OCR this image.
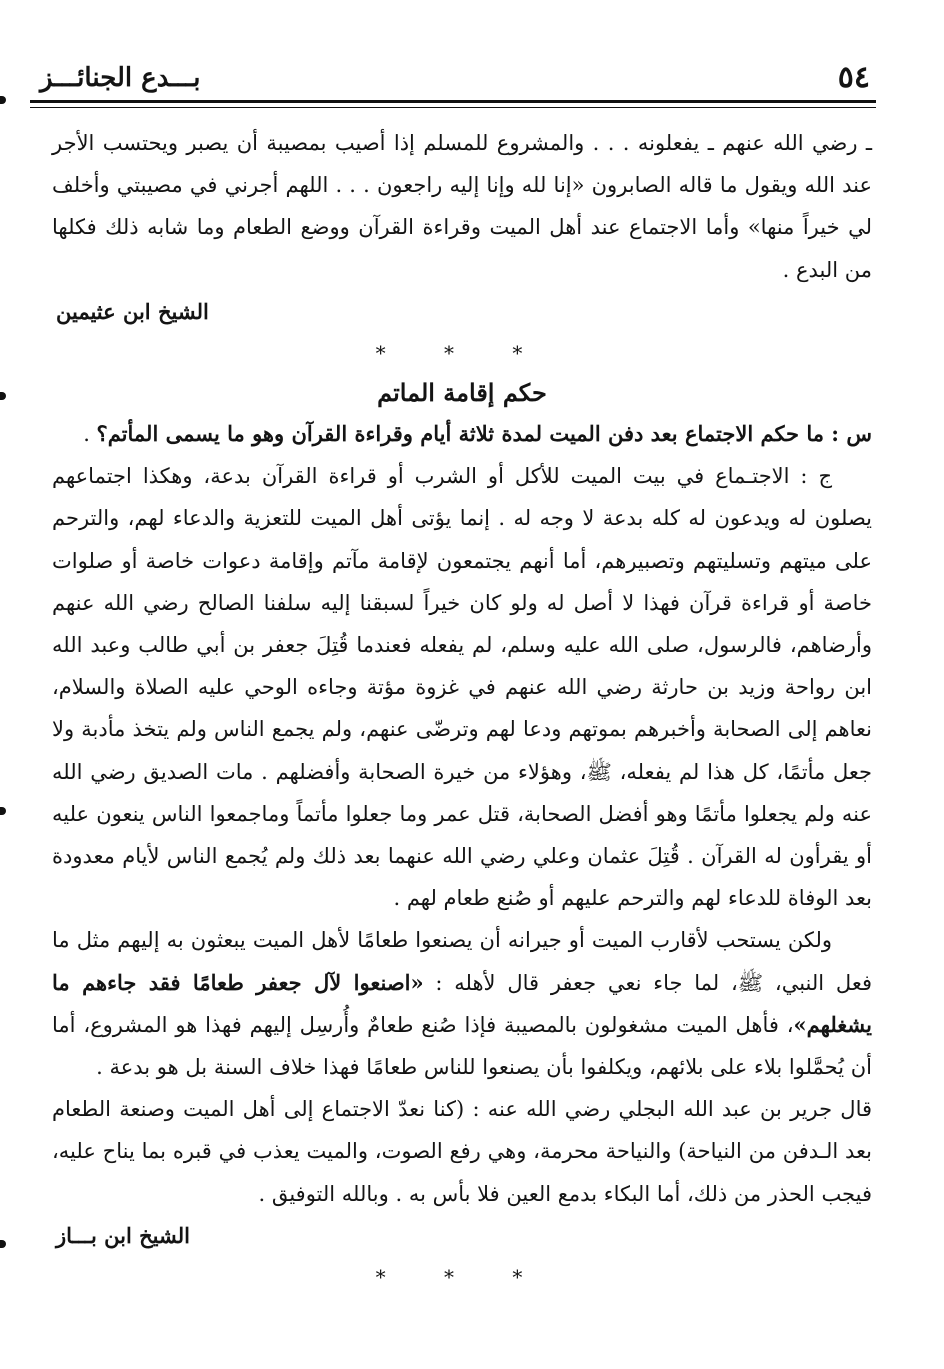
٥٤
بـــدع الجنائـــز

ـ رضي الله عنهم ـ يفعلونه . . . والمشروع للمسلم إذا أصيب بمصيبة أن يصبر ويحتسب الأجر عند الله ويقول ما قاله الصابرون «إنا لله وإنا إليه راجعون . . . اللهم أجرني في مصيبتي وأخلف لي خيراً منها» وأما الاجتماع عند أهل الميت وقراءة القرآن ووضع الطعام وما شابه ذلك فكلها من البدع .

الشيخ ابن عثيمين

* * *

حكم إقامة الماتم

س : ما حكم الاجتماع بعد دفن الميت لمدة ثلاثة أيام وقراءة القرآن وهو ما يسمى المأتم؟ .

ج : الاجتـماع في بيت الميت للأكل أو الشرب أو قراءة القرآن بدعة، وهكذا اجتماعهم يصلون له ويدعون له كله بدعة لا وجه له . إنما يؤتى أهل الميت للتعزية والدعاء لهم، والترحم على ميتهم وتسليتهم وتصبيرهم، أما أنهم يجتمعون لإقامة مآتم وإقامة دعوات خاصة أو صلوات خاصة أو قراءة قرآن فهذا لا أصل له ولو كان خيراً لسبقنا إليه سلفنا الصالح رضي الله عنهم وأرضاهم، فالرسول، صلى الله عليه وسلم، لم يفعله فعندما قُتِلَ جعفر بن أبي طالب وعبد الله ابن رواحة وزيد بن حارثة رضي الله عنهم في غزوة مؤتة وجاءه الوحي عليه الصلاة والسلام، نعاهم إلى الصحابة وأخبرهم بموتهم ودعا لهم وترضّى عنهم، ولم يجمع الناس ولم يتخذ مأدبة ولا جعل مأتمًا، كل هذا لم يفعله، ﷺ، وهؤلاء من خيرة الصحابة وأفضلهم . مات الصديق رضي الله عنه ولم يجعلوا مأتمًا وهو أفضل الصحابة، قتل عمر وما جعلوا مأتماً وماجمعوا الناس ينعون عليه أو يقرأون له القرآن . قُتِلَ عثمان وعلي رضي الله عنهما بعد ذلك ولم يُجمع الناس لأيام معدودة بعد الوفاة للدعاء لهم والترحم عليهم أو صُنع طعام لهم .

ولكن يستحب لأقارب الميت أو جيرانه أن يصنعوا طعامًا لأهل الميت يبعثون به إليهم مثل ما فعل النبي، ﷺ، لما جاء نعي جعفر قال لأهله : «اصنعوا لآل جعفر طعامًا فقد جاءهم ما يشغلهم»، فأهل الميت مشغولون بالمصيبة فإذا صُنع طعامٌ وأُرسِل إليهم فهذا هو المشروع، أما أن يُحمَّلوا بلاء على بلائهم، ويكلفوا بأن يصنعوا للناس طعامًا فهذا خلاف السنة بل هو بدعة .

قال جرير بن عبد الله البجلي رضي الله عنه : (كنا نعدّ الاجتماع إلى أهل الميت وصنعة الطعام بعد الـدفن من النياحة) والنياحة محرمة، وهي رفع الصوت، والميت يعذب في قبره بما يناح عليه، فيجب الحذر من ذلك، أما البكاء بدمع العين فلا بأس به . وبالله التوفيق .

الشيخ ابن بـــاز

* * *
